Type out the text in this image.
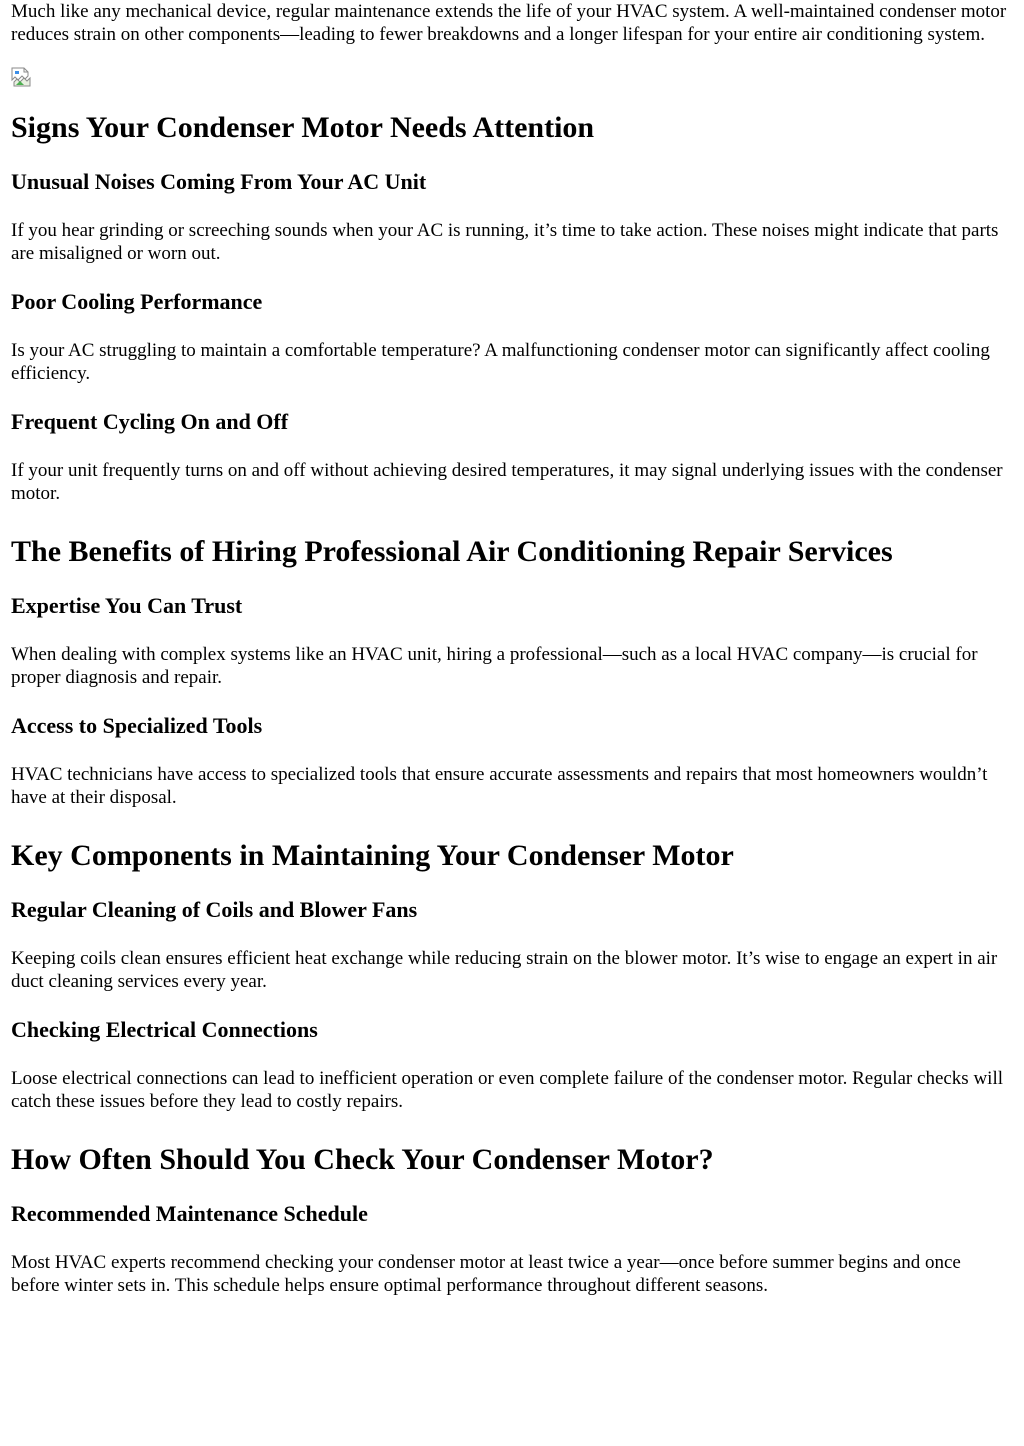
Much like any mechanical device, regular maintenance extends the life of your HVAC system. A well-maintained condenser motor reduces strain on other components—leading to fewer breakdowns and a longer lifespan for your entire air conditioning system.

Signs Your Condenser Motor Needs Attention
Unusual Noises Coming From Your AC Unit

If you hear grinding or screeching sounds when your AC is running, it’s time to take action. These noises might indicate that parts are misaligned or worn out.

Poor Cooling Performance

Is your AC struggling to maintain a comfortable temperature? A malfunctioning condenser motor can significantly affect cooling efficiency.

Frequent Cycling On and Off

If your unit frequently turns on and off without achieving desired temperatures, it may signal underlying issues with the condenser motor.

The Benefits of Hiring Professional Air Conditioning Repair Services
Expertise You Can Trust

When dealing with complex systems like an HVAC unit, hiring a professional—such as a local HVAC company—is crucial for proper diagnosis and repair.

Access to Specialized Tools

HVAC technicians have access to specialized tools that ensure accurate assessments and repairs that most homeowners wouldn’t have at their disposal.

Key Components in Maintaining Your Condenser Motor
Regular Cleaning of Coils and Blower Fans

Keeping coils clean ensures efficient heat exchange while reducing strain on the blower motor. It’s wise to engage an expert in air duct cleaning services every year.

Checking Electrical Connections

Loose electrical connections can lead to inefficient operation or even complete failure of the condenser motor. Regular checks will catch these issues before they lead to costly repairs.

How Often Should You Check Your Condenser Motor?
Recommended Maintenance Schedule

Most HVAC experts recommend checking your condenser motor at least twice a year—once before summer begins and once before winter sets in. This schedule helps ensure optimal performance throughout different seasons.
